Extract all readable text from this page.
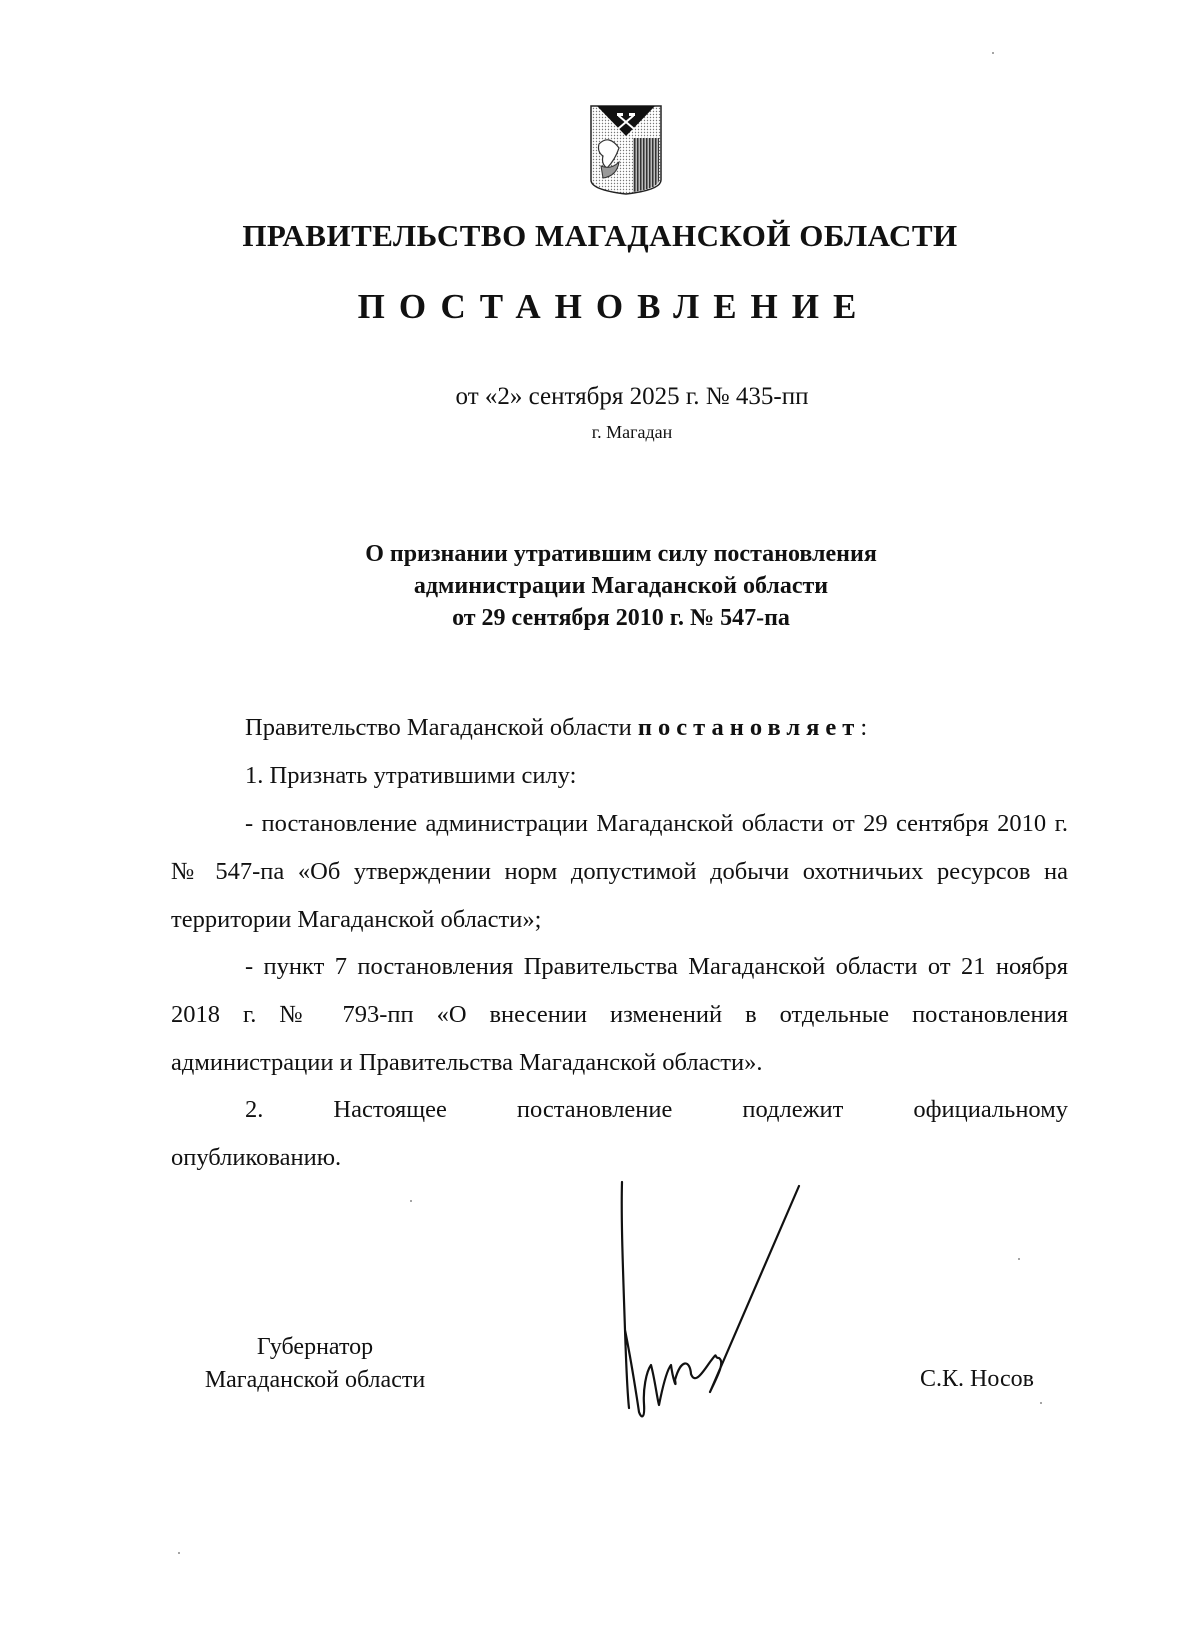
ПРАВИТЕЛЬСТВО МАГАДАНСКОЙ ОБЛАСТИ
ПОСТАНОВЛЕНИЕ
от «2» сентября 2025 г. № 435-пп
г. Магадан
О признании утратившим силу постановления
администрации Магаданской области
от 29 сентября 2010 г. № 547-па

Правительство Магаданской области постановляет:

1. Признать утратившими силу:

- постановление администрации Магаданской области от 29 сентября 2010 г. № 547-па «Об утверждении норм допустимой добычи охотничьих ресурсов на территории Магаданской области»;

- пункт 7 постановления Правительства Магаданской области от 21 ноября 2018 г. № 793-пп «О внесении изменений в отдельные постановления администрации и Правительства Магаданской области».

2.	Настоящее	постановление	подлежит	официальному
опубликованию.
Губернатор
Магаданской области	С.К. Носов
